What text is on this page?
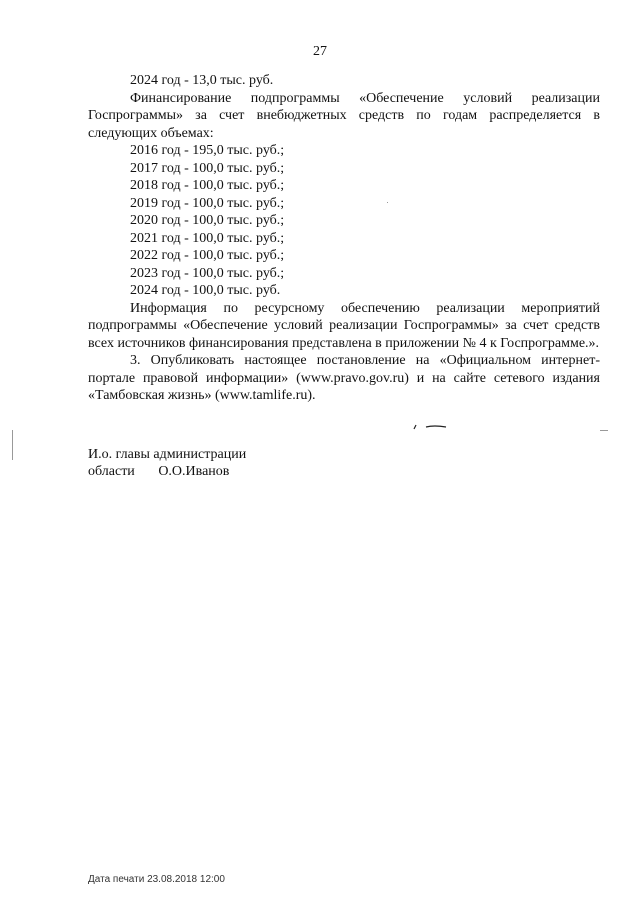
27

2024 год - 13,0 тыс. руб.

Финансирование подпрограммы «Обеспечение условий реализации Госпрограммы» за счет внебюджетных средств по годам распределяется в следующих объемах:

2016 год - 195,0 тыс. руб.;

2017 год - 100,0 тыс. руб.;

2018 год - 100,0 тыс. руб.;

2019 год - 100,0 тыс. руб.;

2020 год - 100,0 тыс. руб.;

2021 год - 100,0 тыс. руб.;

2022 год - 100,0 тыс. руб.;

2023 год - 100,0 тыс. руб.;

2024 год - 100,0 тыс. руб.

Информация по ресурсному обеспечению реализации мероприятий подпрограммы «Обеспечение условий реализации Госпрограммы» за счет средств всех источников финансирования представлена в приложении № 4 к Госпрограмме.».

3. Опубликовать настоящее постановление на «Официальном интернет-портале правовой информации» (www.pravo.gov.ru) и на сайте сетевого издания «Тамбовская жизнь» (www.tamlife.ru).

И.о. главы администрации
области О.О.Иванов
Дата печати 23.08.2018 12:00
